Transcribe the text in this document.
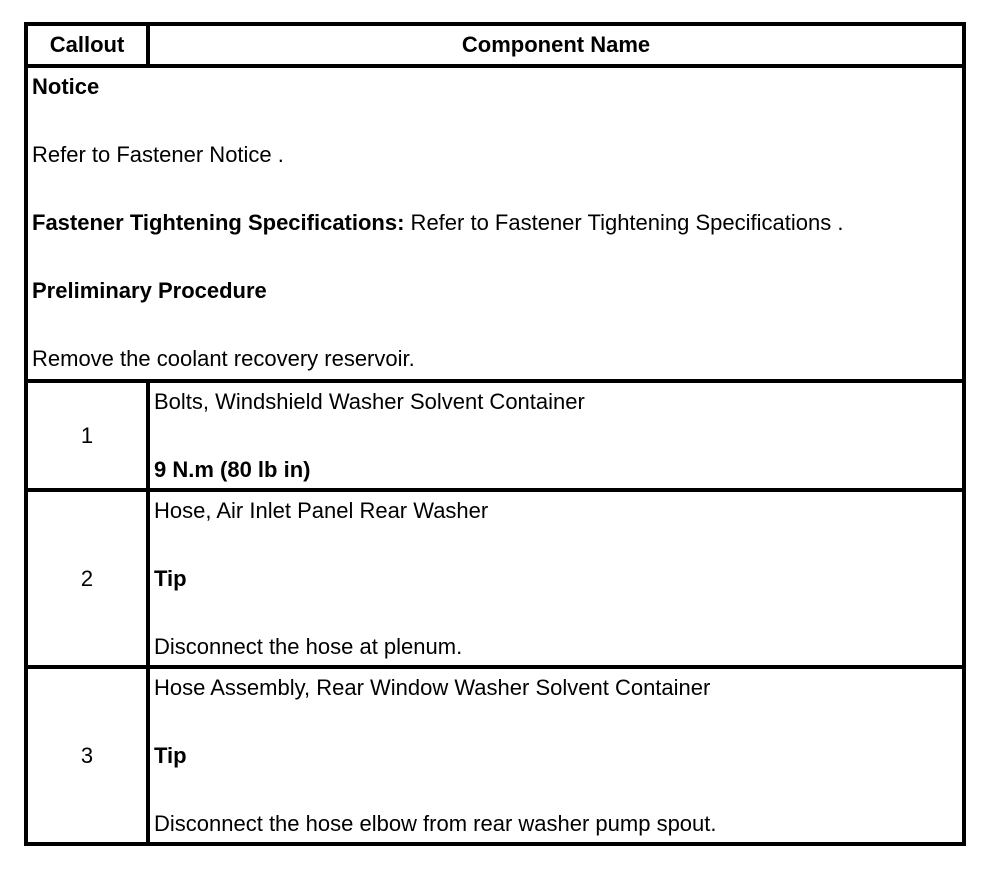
Callout	Component Name

Notice

Refer to Fastener Notice .

Fastener Tightening Specifications: Refer to Fastener Tightening Specifications .

Preliminary Procedure

Remove the coolant recovery reservoir.	

1	Bolts, Windshield Washer Solvent Container

9 N.m (80 lb in)

2	Hose, Air Inlet Panel Rear Washer

Tip

Disconnect the hose at plenum.

3	Hose Assembly, Rear Window Washer Solvent Container

Tip

Disconnect the hose elbow from rear washer pump spout.
